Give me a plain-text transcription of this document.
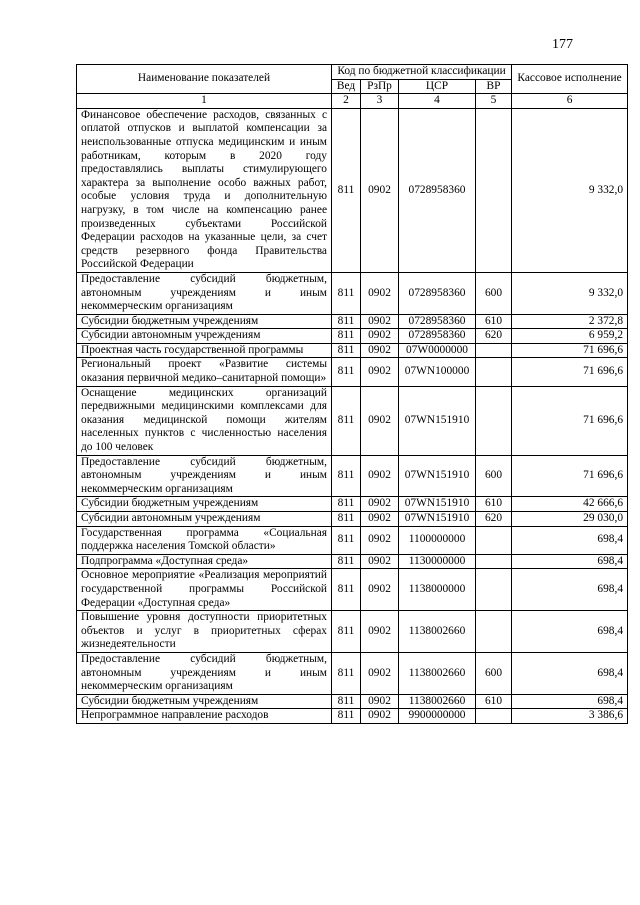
177
Наименование показателей	Код по бюджетной классификации				Кассовое исполнение
	Вед	РзПр	ЦСР	ВР	
1	2	3	4	5	6
Финансовое обеспечение расходов, связанных с оплатой отпусков и выплатой компенсации за неиспользованные отпуска медицинским и иным работникам, которым в 2020 году предоставлялись выплаты стимулирующего характера за выполнение особо важных работ, особые условия труда и дополнительную нагрузку, в том числе на компенсацию ранее произведенных субъектами Российской Федерации расходов на указанные цели, за счет средств резервного фонда Правительства Российской Федерации	811	0902	0728958360		9 332,0
Предоставление субсидий бюджетным, автономным учреждениям и иным некоммерческим организациям	811	0902	0728958360	600	9 332,0
Субсидии бюджетным учреждениям	811	0902	0728958360	610	2 372,8
Субсидии автономным учреждениям	811	0902	0728958360	620	6 959,2
Проектная часть государственной программы	811	0902	07W0000000		71 696,6
Региональный проект «Развитие системы оказания первичной медико–санитарной помощи»	811	0902	07WN100000		71 696,6
Оснащение медицинских организаций передвижными медицинскими комплексами для оказания медицинской помощи жителям населенных пунктов с численностью населения до 100 человек	811	0902	07WN151910		71 696,6
Предоставление субсидий бюджетным, автономным учреждениям и иным некоммерческим организациям	811	0902	07WN151910	600	71 696,6
Субсидии бюджетным учреждениям	811	0902	07WN151910	610	42 666,6
Субсидии автономным учреждениям	811	0902	07WN151910	620	29 030,0
Государственная программа «Социальная поддержка населения Томской области»	811	0902	1100000000		698,4
Подпрограмма «Доступная среда»	811	0902	1130000000		698,4
Основное мероприятие «Реализация мероприятий государственной программы Российской Федерации «Доступная среда»	811	0902	1138000000		698,4
Повышение уровня доступности приоритетных объектов и услуг в приоритетных сферах жизнедеятельности	811	0902	1138002660		698,4
Предоставление субсидий бюджетным, автономным учреждениям и иным некоммерческим организациям	811	0902	1138002660	600	698,4
Субсидии бюджетным учреждениям	811	0902	1138002660	610	698,4
Непрограммное направление расходов	811	0902	9900000000		3 386,6
